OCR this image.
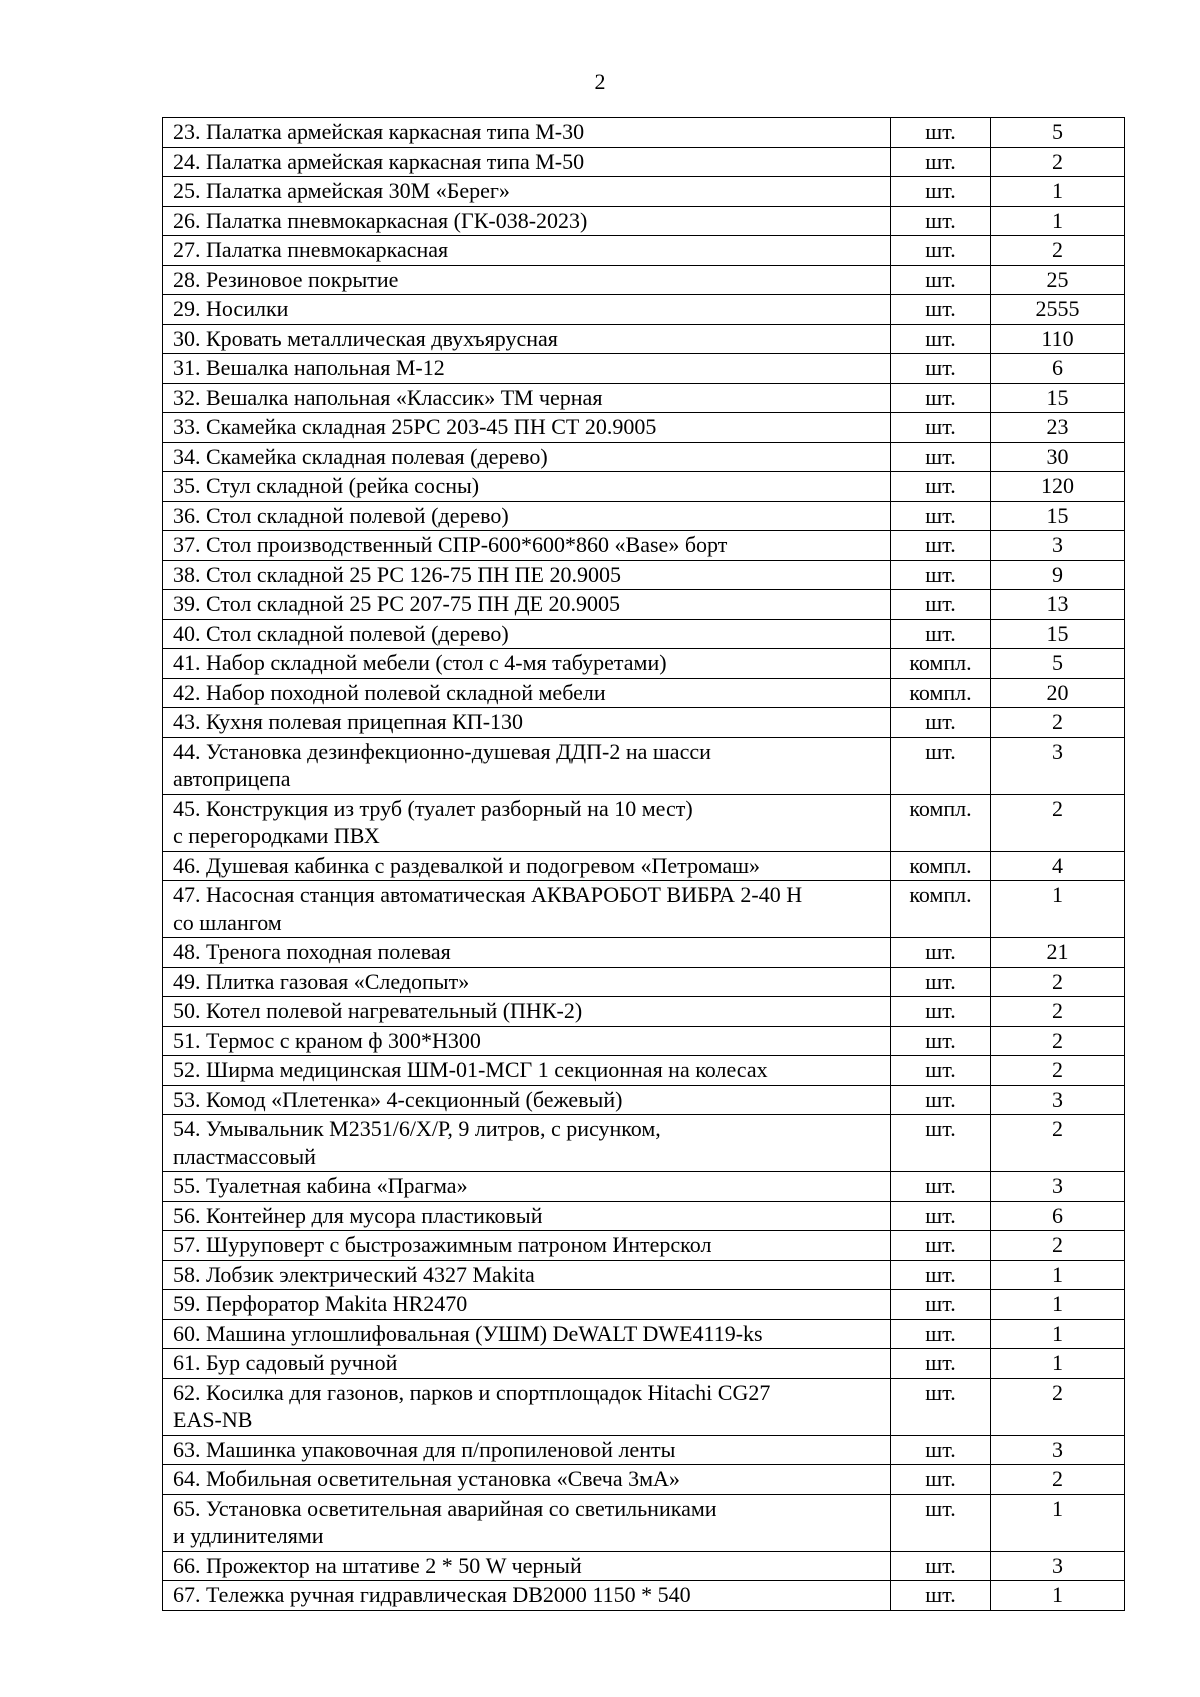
2
23. Палатка армейская каркасная типа М-30	шт.	5
24. Палатка армейская каркасная типа М-50	шт.	2
25. Палатка армейская 30М «Берег»	шт.	1
26. Палатка пневмокаркасная (ГК-038-2023)	шт.	1
27. Палатка пневмокаркасная	шт.	2
28. Резиновое покрытие	шт.	25
29. Носилки	шт.	2555
30. Кровать металлическая двухъярусная	шт.	110
31. Вешалка напольная М-12	шт.	6
32. Вешалка напольная «Классик» ТМ черная	шт.	15
33. Скамейка складная 25РС 203-45 ПН СТ 20.9005	шт.	23
34. Скамейка складная полевая (дерево)	шт.	30
35. Стул складной (рейка сосны)	шт.	120
36. Стол складной полевой (дерево)	шт.	15
37. Стол производственный СПР-600*600*860 «Base» борт	шт.	3
38. Стол складной 25 РС 126-75 ПН ПЕ 20.9005	шт.	9
39. Стол складной 25 РС 207-75 ПН ДЕ 20.9005	шт.	13
40. Стол складной полевой (дерево)	шт.	15
41. Набор складной мебели (стол с 4-мя табуретами)	компл.	5
42. Набор походной полевой складной мебели	компл.	20
43. Кухня полевая прицепная КП-130	шт.	2
44. Установка дезинфекционно-душевая ДДП-2 на шасси
автоприцепа	шт.	3
45. Конструкция из труб (туалет разборный на 10 мест)
с перегородками ПВХ	компл.	2
46. Душевая кабинка с раздевалкой и подогревом «Петромаш»	компл.	4
47. Насосная станция автоматическая АКВАРОБОТ ВИБРА 2-40 Н
со шлангом	компл.	1
48. Тренога походная полевая	шт.	21
49. Плитка газовая «Следопыт»	шт.	2
50. Котел полевой нагревательный (ПНК-2)	шт.	2
51. Термос с краном ф 300*Н300	шт.	2
52. Ширма медицинская ШМ-01-МСГ 1 секционная на колесах	шт.	2
53. Комод «Плетенка» 4-секционный (бежевый)	шт.	3
54. Умывальник М2351/6/Х/Р, 9 литров, с рисунком,
пластмассовый	шт.	2
55. Туалетная кабина «Прагма»	шт.	3
56. Контейнер для мусора пластиковый	шт.	6
57. Шуруповерт с быстрозажимным патроном Интерскол	шт.	2
58. Лобзик электрический 4327 Makita	шт.	1
59. Перфоратор Makita HR2470	шт.	1
60. Машина углошлифовальная (УШМ) DeWALT DWE4119-ks	шт.	1
61. Бур садовый ручной	шт.	1
62. Косилка для газонов, парков и спортплощадок Hitachi CG27
EAS-NB	шт.	2
63. Машинка упаковочная для п/пропиленовой ленты	шт.	3
64. Мобильная осветительная установка «Свеча 3мА»	шт.	2
65. Установка осветительная аварийная со светильниками
и удлинителями	шт.	1
66. Прожектор на штативе 2 * 50 W черный	шт.	3
67. Тележка ручная гидравлическая DB2000 1150 * 540	шт.	1
